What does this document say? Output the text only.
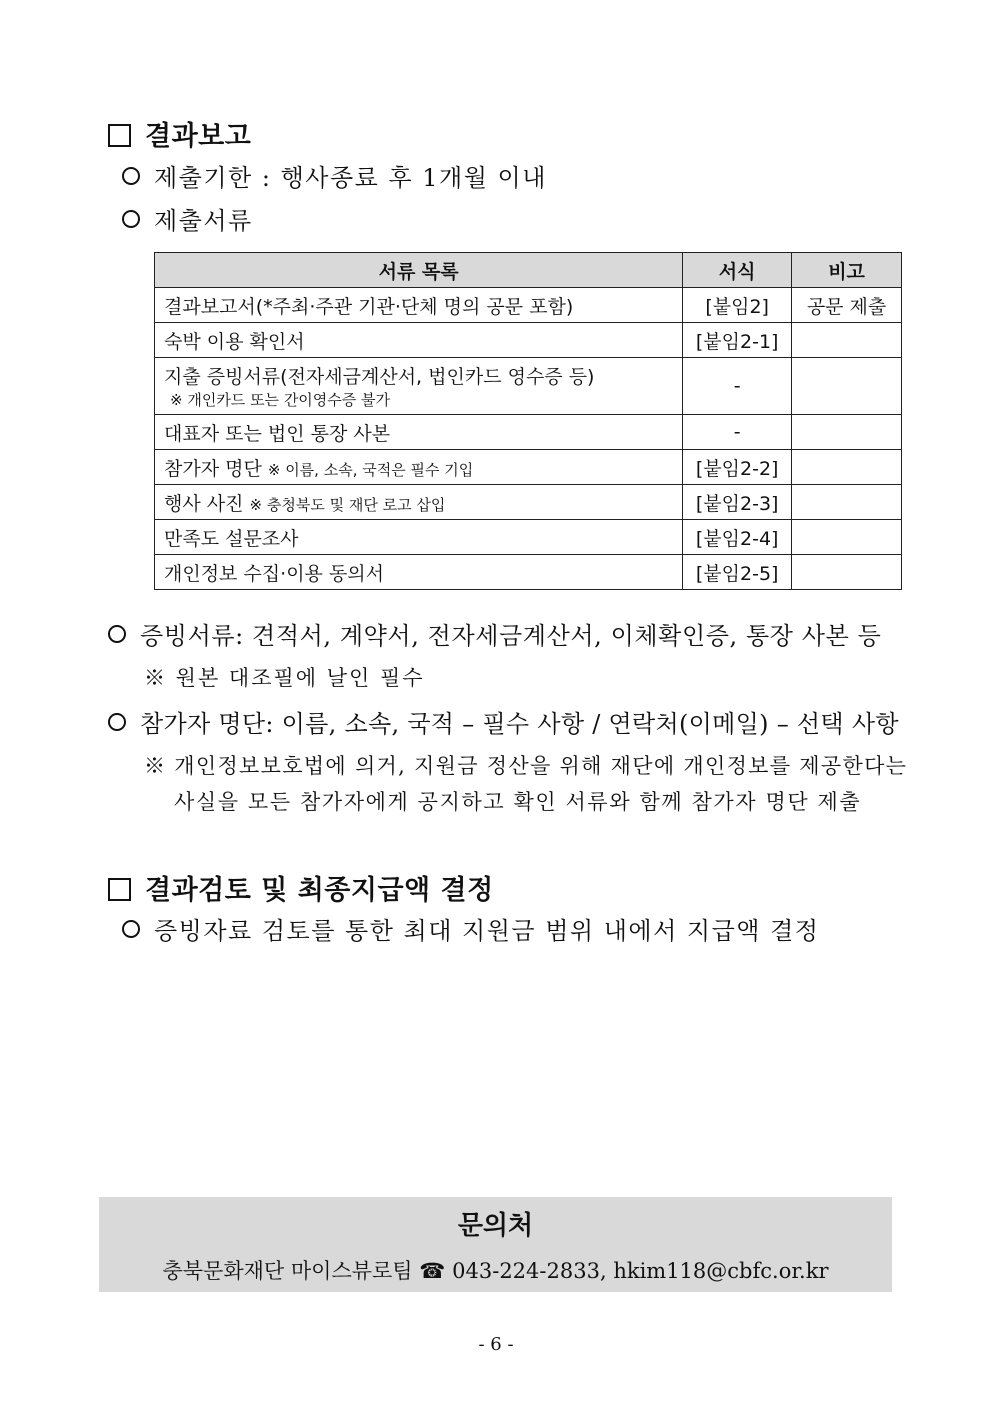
결과보고
제출기한 : 행사종료 후 1개월 이내
제출서류
서류 목록	서식	비고
결과보고서(*주최·주관 기관·단체 명의 공문 포함)	[붙임2]	공문 제출
숙박 이용 확인서	[붙임2-1]	
지출 증빙서류(전자세금계산서, 법인카드 영수증 등)
※ 개인카드 또는 간이영수증 불가	-	
대표자 또는 법인 통장 사본	-	
참가자 명단 ※ 이름, 소속, 국적은 필수 기입	[붙임2-2]	
행사 사진 ※ 충청북도 및 재단 로고 삽입	[붙임2-3]	
만족도 설문조사	[붙임2-4]	
개인정보 수집·이용 동의서	[붙임2-5]	
증빙서류: 견적서, 계약서, 전자세금계산서, 이체확인증, 통장 사본 등
※ 원본 대조필에 날인 필수
참가자 명단: 이름, 소속, 국적 – 필수 사항 / 연락처(이메일) – 선택 사항
※ 개인정보보호법에 의거, 지원금 정산을 위해 재단에 개인정보를 제공한다는
사실을 모든 참가자에게 공지하고 확인 서류와 함께 참가자 명단 제출
결과검토 및 최종지급액 결정
증빙자료 검토를 통한 최대 지원금 범위 내에서 지급액 결정
문의처
충북문화재단 마이스뷰로팀 ☎ 043-224-2833, hkim118@cbfc.or.kr
- 6 -
